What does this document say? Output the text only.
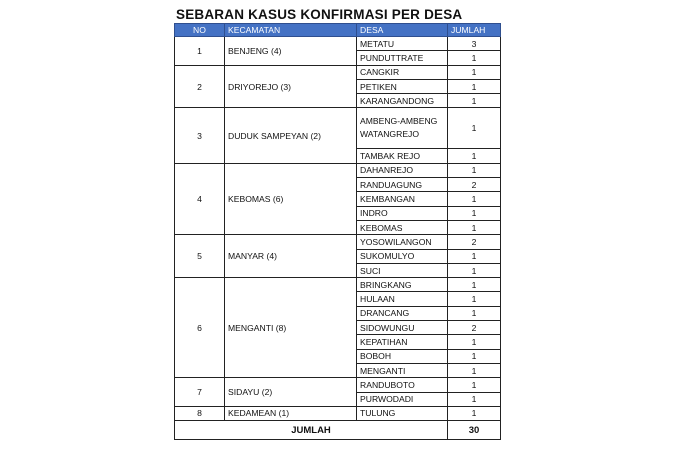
SEBARAN KASUS KONFIRMASI PER DESA
NO	KECAMATAN	DESA	JUMLAH
1	BENJENG (4)	METATU	3
		PUNDUTTRATE	1
2	DRIYOREJO (3)	CANGKIR	1
		PETIKEN	1
		KARANGANDONG	1
3	DUDUK SAMPEYAN (2)	AMBENG-AMBENG WATANGREJO	1
		TAMBAK REJO	1
4	KEBOMAS (6)	DAHANREJO	1
		RANDUAGUNG	2
		KEMBANGAN	1
		INDRO	1
		KEBOMAS	1
5	MANYAR (4)	YOSOWILANGON	2
		SUKOMULYO	1
		SUCI	1
6	MENGANTI (8)	BRINGKANG	1
		HULAAN	1
		DRANCANG	1
		SIDOWUNGU	2
		KEPATIHAN	1
		BOBOH	1
		MENGANTI	1
7	SIDAYU (2)	RANDUBOTO	1
		PURWODADI	1
8	KEDAMEAN (1)	TULUNG	1
JUMLAH			30
